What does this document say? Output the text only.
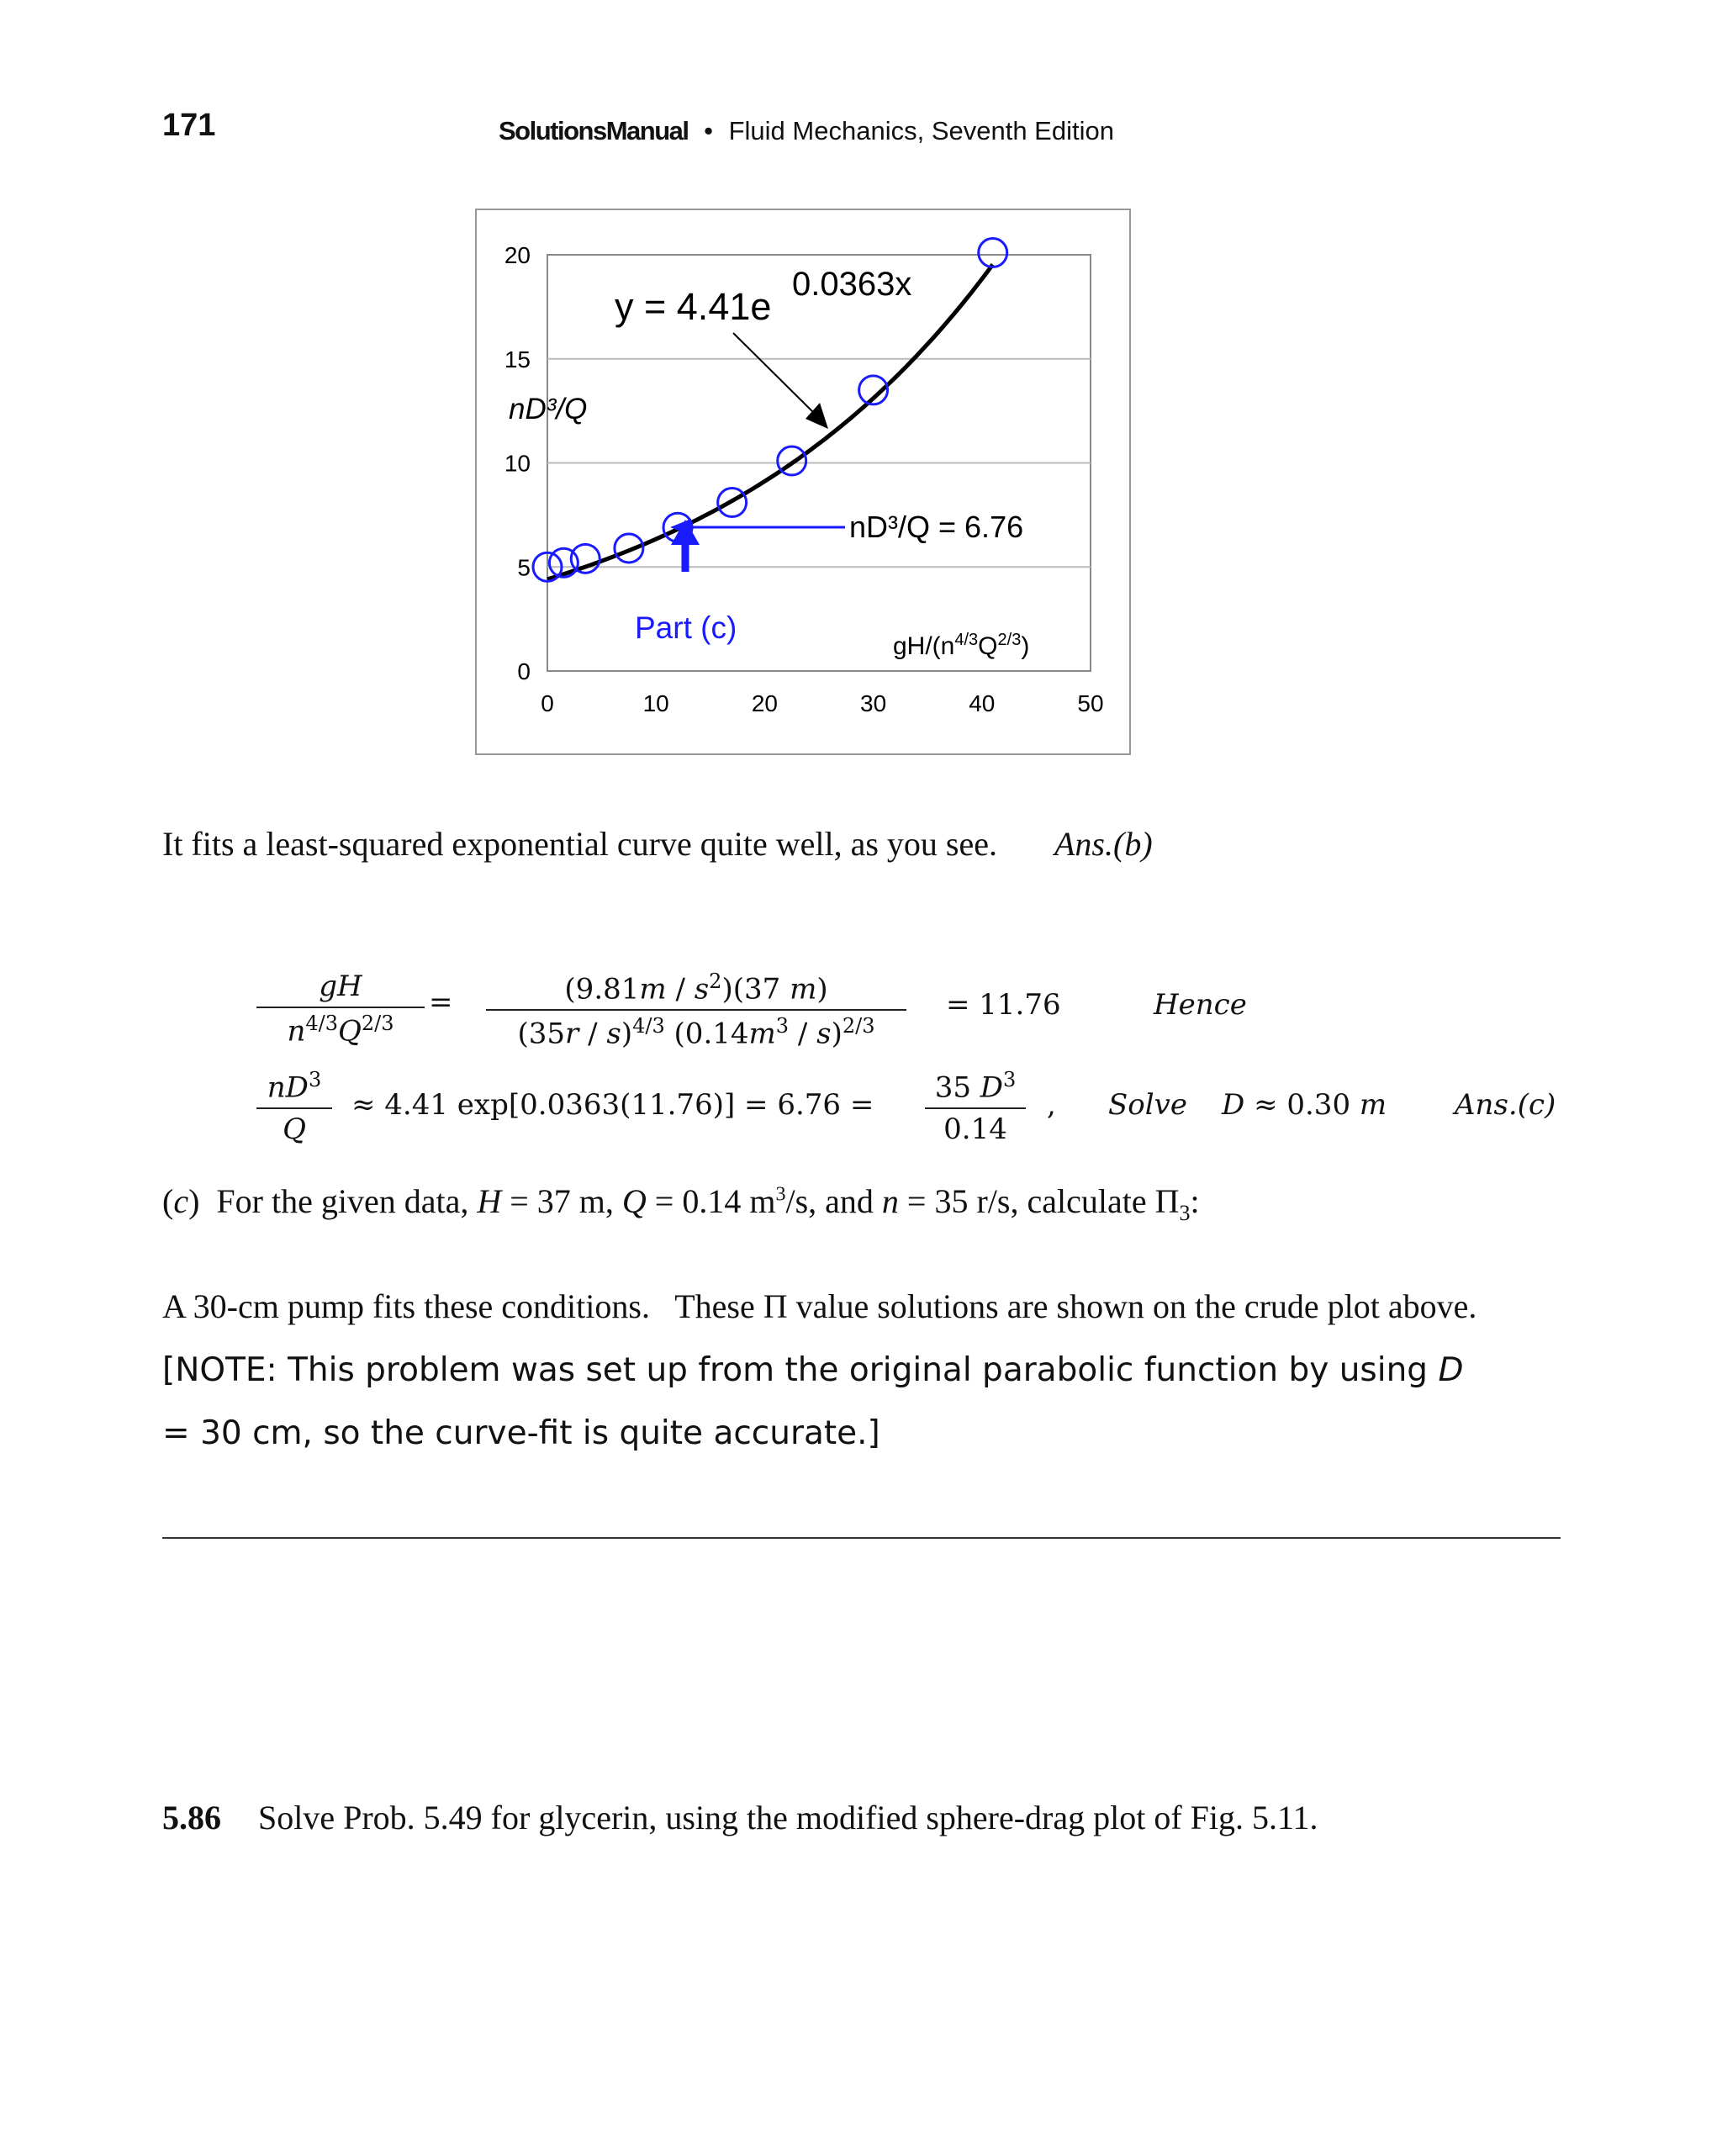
171	SolutionsManual • Fluid Mechanics, Seventh Edition
0
5
10
15
20
0	10	20	30	40	50
y = 4.41e
0.0363x
nD³/Q
nD³/Q = 6.76
Part (c)
$gH/(n^{4/3}Q^{2/3})$
It fits a least-squared exponential curve quite well, as you see. Ans.(b)
$\frac{gH}{n^{4/3}Q^{2/3}} = \frac{(9.81m / s^2)(37 m)}{(35r / s)^{4/3} (0.14m^3 / s)^{2/3}} = 11.76$	Hence
$\frac{nD^3}{Q} \approx 4.41$ $\exp[0.0363(11.76)] = 6.76 = \frac{35 D^3}{0.14}$ , Solve D ≈ 0.30 m Ans.(c)
(c)  For the given data, H = 37 m, Q = 0.14 $m^3/s$, and n = 35 r/s, calculate $\Pi_3$:
A 30-cm pump fits these conditions.   These Π value solutions are shown on the crude plot above.
[NOTE: This problem was set up from the original parabolic function by using D
= 30 cm, so the curve-fit is quite accurate.]
5.86 Solve Prob. 5.49 for glycerin, using the modified sphere-drag plot of Fig. 5.11.
